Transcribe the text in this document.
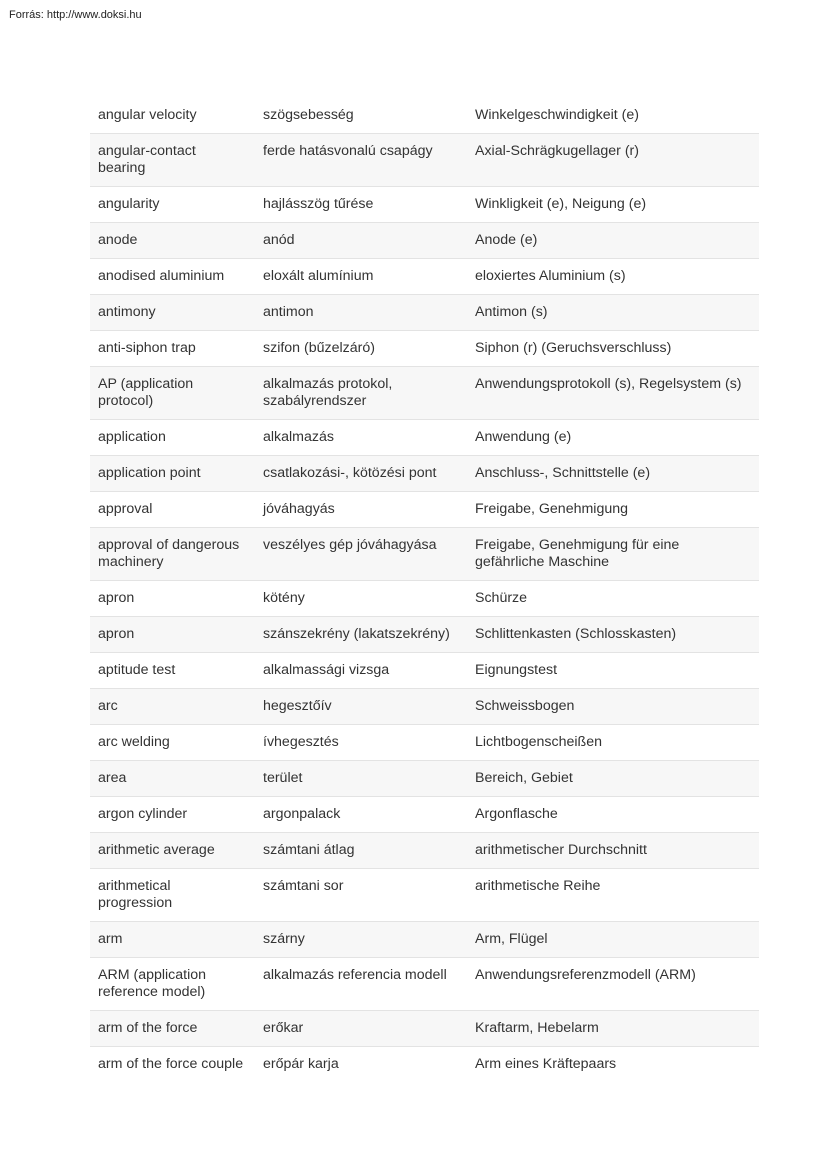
Forrás: http://www.doksi.hu
angular velocity	szögsebesség	Winkelgeschwindigkeit (e)
angular-contact bearing	ferde hatásvonalú csapágy	Axial-Schrägkugellager (r)
angularity	hajlásszög tűrése	Winkligkeit (e), Neigung (e)
anode	anód	Anode (e)
anodised aluminium	eloxált alumínium	eloxiertes Aluminium (s)
antimony	antimon	Antimon (s)
anti-siphon trap	szifon (bűzelzáró)	Siphon (r) (Geruchsverschluss)
AP (application protocol)	alkalmazás protokol, szabályrendszer	Anwendungsprotokoll (s), Regelsystem (s)
application	alkalmazás	Anwendung (e)
application point	csatlakozási-, kötözési pont	Anschluss-, Schnittstelle (e)
approval	jóváhagyás	Freigabe, Genehmigung
approval of dangerous machinery	veszélyes gép jóváhagyása	Freigabe, Genehmigung für eine gefährliche Maschine
apron	kötény	Schürze
apron	szánszekrény (lakatszekrény)	Schlittenkasten (Schlosskasten)
aptitude test	alkalmassági vizsga	Eignungstest
arc	hegesztőív	Schweissbogen
arc welding	ívhegesztés	Lichtbogenscheißen
area	terület	Bereich, Gebiet
argon cylinder	argonpalack	Argonflasche
arithmetic average	számtani átlag	arithmetischer Durchschnitt
arithmetical progression	számtani sor	arithmetische Reihe
arm	szárny	Arm, Flügel
ARM (application reference model)	alkalmazás referencia modell	Anwendungsreferenzmodell (ARM)
arm of the force	erőkar	Kraftarm, Hebelarm
arm of the force couple	erőpár karja	Arm eines Kräftepaars
